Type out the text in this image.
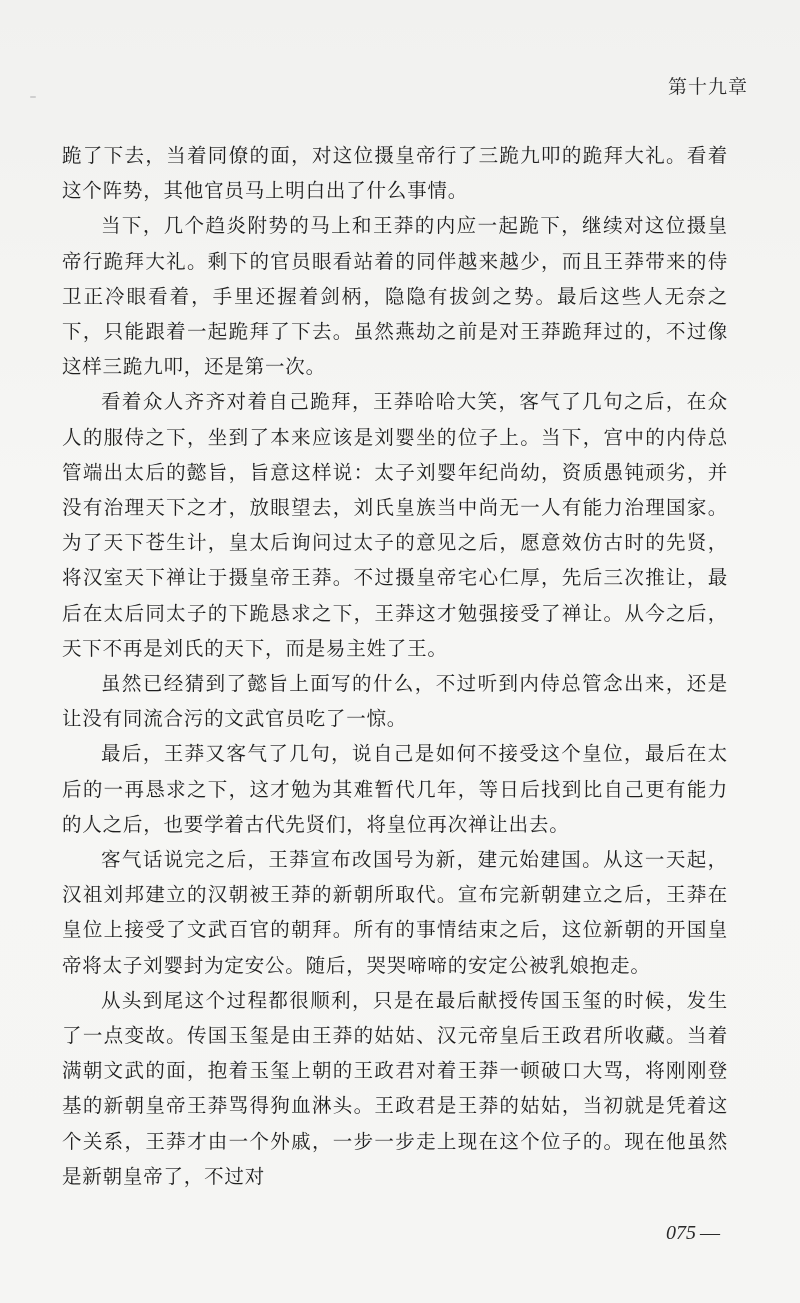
第十九章

跪了下去，当着同僚的面，对这位摄皇帝行了三跪九叩的跪拜大礼。看着这个阵势，其他官员马上明白出了什么事情。

当下，几个趋炎附势的马上和王莽的内应一起跪下，继续对这位摄皇帝行跪拜大礼。剩下的官员眼看站着的同伴越来越少，而且王莽带来的侍卫正冷眼看着，手里还握着剑柄，隐隐有拔剑之势。最后这些人无奈之下，只能跟着一起跪拜了下去。虽然燕劫之前是对王莽跪拜过的，不过像这样三跪九叩，还是第一次。

看着众人齐齐对着自己跪拜，王莽哈哈大笑，客气了几句之后，在众人的服侍之下，坐到了本来应该是刘婴坐的位子上。当下，宫中的内侍总管端出太后的懿旨，旨意这样说：太子刘婴年纪尚幼，资质愚钝顽劣，并没有治理天下之才，放眼望去，刘氏皇族当中尚无一人有能力治理国家。为了天下苍生计，皇太后询问过太子的意见之后，愿意效仿古时的先贤，将汉室天下禅让于摄皇帝王莽。不过摄皇帝宅心仁厚，先后三次推让，最后在太后同太子的下跪恳求之下，王莽这才勉强接受了禅让。从今之后，天下不再是刘氏的天下，而是易主姓了王。

虽然已经猜到了懿旨上面写的什么，不过听到内侍总管念出来，还是让没有同流合污的文武官员吃了一惊。

最后，王莽又客气了几句，说自己是如何不接受这个皇位，最后在太后的一再恳求之下，这才勉为其难暂代几年，等日后找到比自己更有能力的人之后，也要学着古代先贤们，将皇位再次禅让出去。

客气话说完之后，王莽宣布改国号为新，建元始建国。从这一天起，汉祖刘邦建立的汉朝被王莽的新朝所取代。宣布完新朝建立之后，王莽在皇位上接受了文武百官的朝拜。所有的事情结束之后，这位新朝的开国皇帝将太子刘婴封为定安公。随后，哭哭啼啼的安定公被乳娘抱走。

从头到尾这个过程都很顺利，只是在最后献授传国玉玺的时候，发生了一点变故。传国玉玺是由王莽的姑姑、汉元帝皇后王政君所收藏。当着满朝文武的面，抱着玉玺上朝的王政君对着王莽一顿破口大骂，将刚刚登基的新朝皇帝王莽骂得狗血淋头。王政君是王莽的姑姑，当初就是凭着这个关系，王莽才由一个外戚，一步一步走上现在这个位子的。现在他虽然是新朝皇帝了，不过对

075 —
